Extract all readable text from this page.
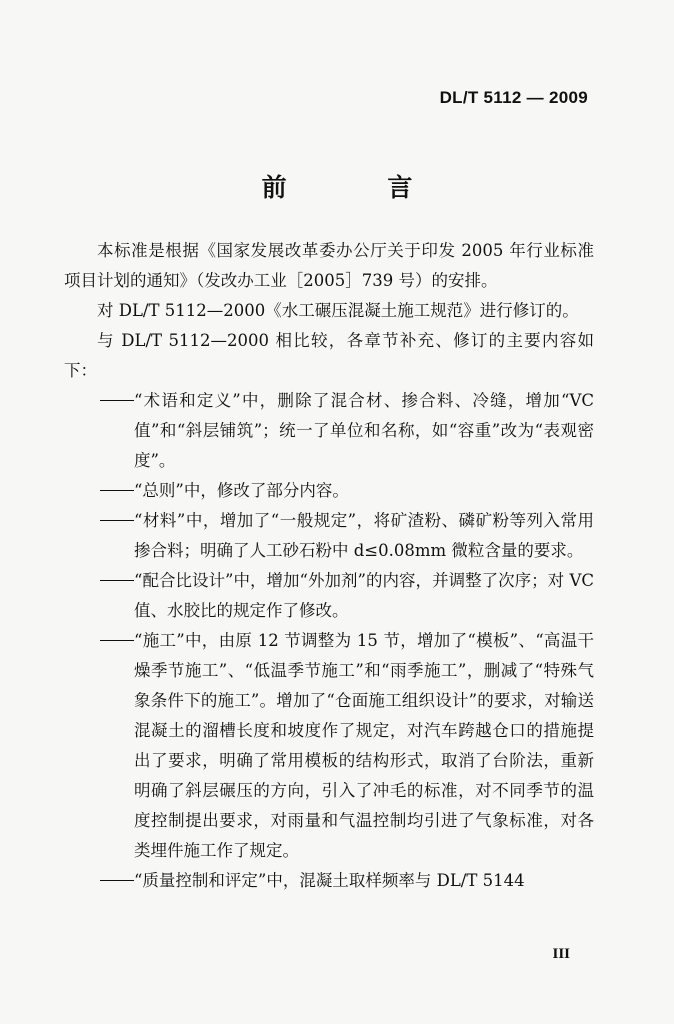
DL/T 5112 — 2009
前 言

本标准是根据《国家发展改革委办公厅关于印发 2005 年行业标准项目计划的通知》（发改办工业［2005］739 号）的安排。

对 DL/T 5112—2000《水工碾压混凝土施工规范》进行修订的。

与 DL/T 5112—2000 相比较，各章节补充、修订的主要内容如下：

“术语和定义”中，删除了混合材、掺合料、冷缝，增加“VC 值”和“斜层铺筑”；统一了单位和名称，如“容重”改为“表观密度”。

“总则”中，修改了部分内容。

“材料”中，增加了“一般规定”，将矿渣粉、磷矿粉等列入常用掺合料；明确了人工砂石粉中 d≤0.08mm 微粒含量的要求。

“配合比设计”中，增加“外加剂”的内容，并调整了次序；对 VC 值、水胶比的规定作了修改。

“施工”中，由原 12 节调整为 15 节，增加了“模板”、“高温干燥季节施工”、“低温季节施工”和“雨季施工”，删减了“特殊气象条件下的施工”。增加了“仓面施工组织设计”的要求，对输送混凝土的溜槽长度和坡度作了规定，对汽车跨越仓口的措施提出了要求，明确了常用模板的结构形式，取消了台阶法，重新明确了斜层碾压的方向，引入了冲毛的标准，对不同季节的温度控制提出要求，对雨量和气温控制均引进了气象标准，对各类埋件施工作了规定。

“质量控制和评定”中，混凝土取样频率与 DL/T 5144

III
